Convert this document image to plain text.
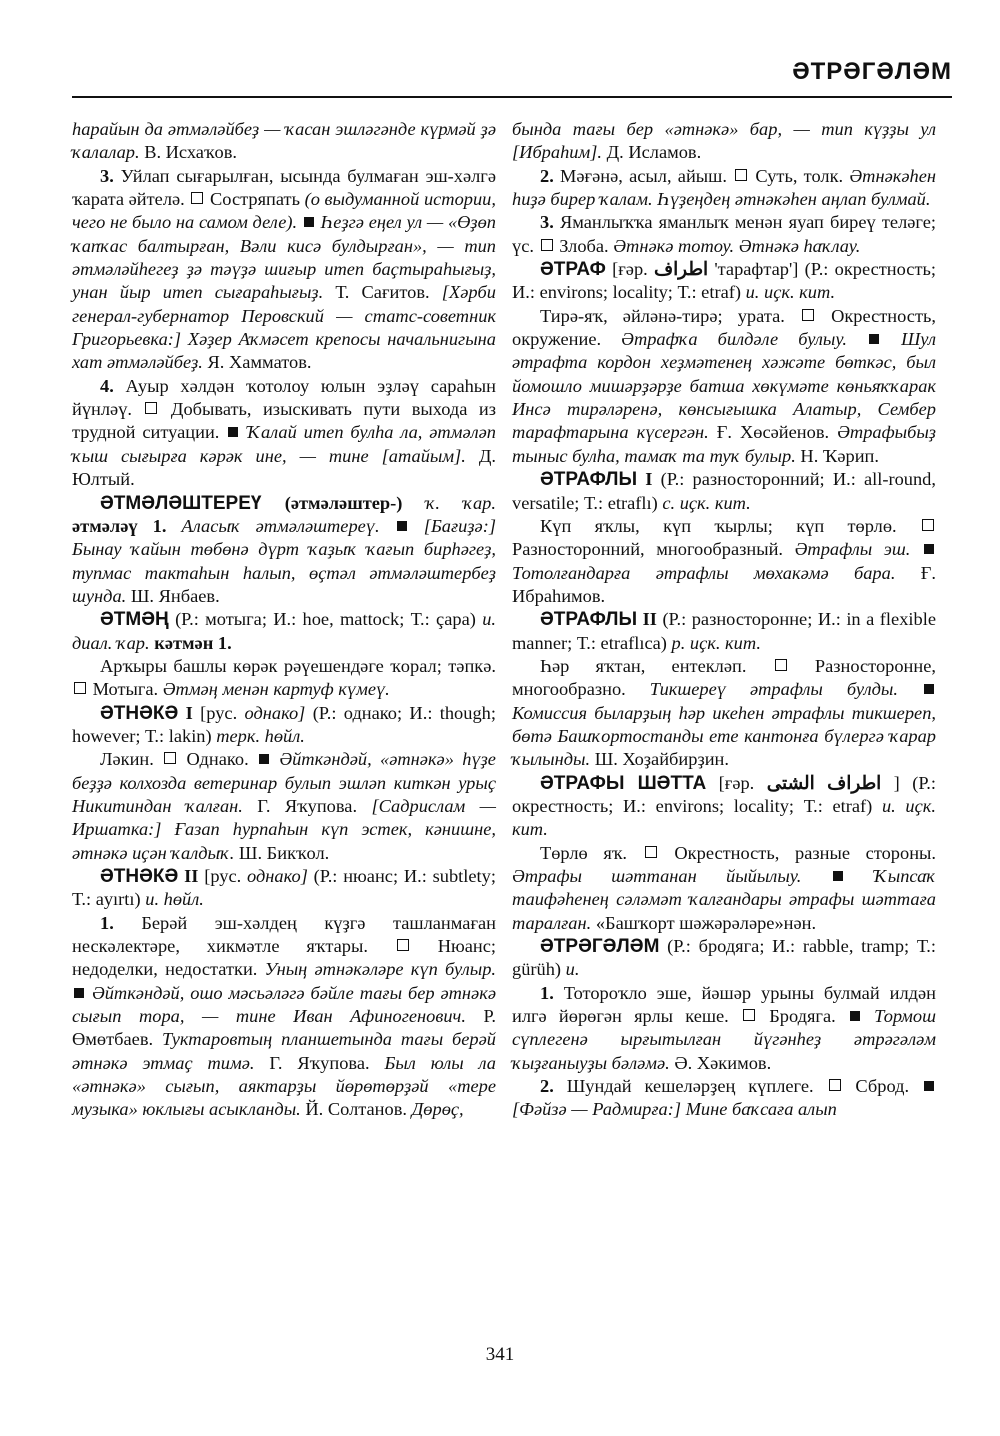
ӘТРӘГӘЛӘМ

һарайын да әтмәләйбеҙ — ҡасан эшләгәнде күрмәй ҙә ҡалалар. В. Исхаҡов.

3. Уйлап сығарылған, ысында булмаған эш-хәлгә ҡарата әйтелә. Состряпать (о выдуманной истории, чего не было на самом деле). Һеҙгә еңел ул — «Өҙөп ҡапҡас балтырған, Вәли кисә булдырған», — тип әтмәләйһегеҙ ҙә тәүҙә шиғыр итеп баҫтыраһығыҙ, унан йыр итеп сығараһығыҙ. Т. Сағитов. [Хәрби генерал-губернатор Перовский — статс-советник Григорьевка:] Хәҙер Аҡмәсет крепосы начальнигына хат әтмәләйбеҙ. Я. Хамматов.

4. Ауыр хәлдән ҡотолоу юлын эҙләү сараһын йүнләү. Добывать, изыскивать пути выхода из трудной ситуации. Ҡалай итеп булһа ла, әтмәләп ҡыш сығырға кәрәк ине, — тине [атайым]. Д. Юлтый.

ӘТМӘЛӘШТЕРЕҮ (әтмәләштер-) ҡ. ҡар. әтмәләү 1. Аласыҡ әтмәләштереү. [Бағиҙә:] Бынау ҡайын төбөнә дүрт ҡаҙыҡ ҡағып бирһәгеҙ, тупмас тактаһын һалып, өҫтәл әтмәләштербеҙ шунда. Ш. Янбаев.

ӘТМӘҢ (Р.: мотыга; И.: hoe, mattock; Т.: çapa) и. диал. ҡар. кәтмән 1.

Арҡыры башлы көрәк рәүешендәге ҡорал; тәпкә.  Мотыга. Әтмәң менән картуф күмеү.

ӘТНӘКӘ I [рус. однако] (Р.: однако; И.: though; however; Т.: lakin) терк. һөйл.

Ләкин. Однако. Әйткәндәй, «әтнәкә» һүҙе беҙҙә колхозда ветеринар булып эшләп киткән урыҫ Никитиндан ҡалған. Г. Яҡупова. [Садрислам — Иршатка:] Ғазап һурпаһын күп эстек, кәнишне, әтнәкә иҫән ҡалдыҡ. Ш. Бикҡол.

ӘТНӘКӘ II [рус. однако] (Р.: нюанс; И.: subtlety; Т.: ayırtı) и. һөйл.

1. Берәй эш-хәлдең күҙгә ташланмаған нескәлектәре, хикмәтле яҡтары.	Нюанс; недоделки, недостатки. Уның әтнәкәләре күп булыр.  Әйткәндәй, ошо мәсьәләгә бәйле тағы бер әтнәкә сығып тора, — тине Иван Афиногенович. Р. Өмөтбаев. Туктаровтың планшетында тағы берәй әтнәкә этмаҫ тимә. Г. Яҡупова. Был юлы ла «әтнәкә» сығып, аяктарҙы йөрөтөрҙәй «тере музыка» юклығы асыкланды. Й. Солтанов. Дөрөҫ,

бында тағы бер «әтнәкә» бар, — тип күҙҙы ул [Ибраһим]. Д. Исламов.

2. Мәғәнә, асыл, айыш. Суть, толк. Әтнәкәһен һиҙә бирер ҡалам. Һүҙеңдең әтнәкәһен аңлап булмай.

3. Яманлыҡҡа яманлыҡ менән яуап биреү теләге; үс. Злоба. Әтнәкә тотоу. Әтнәкә һаҡлау.

ӘТРАФ [ғәр. اطراف 'тарафтар'] (Р.: окрестность; И.: environs; locality; Т.: etraf) и. иҫк. кит.

Тирә-яҡ, әйләнә-тирә; урата.	Окрестность, окружение. Әтрафҡа билдәле булыу.	Шул әтрафта кордон хеҙмәтенең хәжәте бөткәс, был йомошло мишәрҙәрҙе батша хөкүмәте көньяҡҡарак Инсә тирәләренә, көнсығышка Алатыр, Сембер тарафтарына күсергән. Ғ. Хөсәйенов. Әтрафыбыҙ тыныс булһа, тамаҡ та туҡ булыр. Н. Ҡәрип.

ӘТРАФЛЫ I (Р.: разносторонний; И.: all-round, versatile; Т.: etraflı) с. иҫк. кит.

Күп яҡлы, күп ҡырлы; күп төрлө.  Разносторонний, многообразный. Әтрафлы эш.  Тотолғандарға әтрафлы мөхакәмә бара. Ғ. Ибраһимов.

ӘТРАФЛЫ II (Р.: разносторонне; И.: in a flexible manner; Т.: etraflıca) р. иҫк. кит.

Һәр яҡтан, ентекләп.	Разносторонне, многообразно. Тикшереү әтрафлы булды.  Комиссия быларҙың һәр икеһен әтрафлы тикшереп, бөтә Башҡортостанды ете кантонға бүлергә ҡарар ҡылынды. Ш. Хоҙайбирҙин.

ӘТРАФЫ ШӘТТА [ғәр. اطراف الشتى ] (Р.: окрестность; И.: environs; locality; Т.: etraf) и. иҫк. кит.

Төрлө яҡ.	Окрестность, разные стороны. Әтрафы шәттанан йыйылыу.	Ҡыпсаҡ таифәһенең сәләмәт ҡалғандары әтрафы шәттаға таралған. «Башҡорт шәжәрәләре»нән.

ӘТРӘГӘЛӘМ (Р.: бродяга; И.: rabble, tramp; Т.: gürüh) и.

1. Тотороҡло эше, йәшәр урыны булмай илдән илгә йөрөгән ярлы кеше. Бродяга. Тормош сүплегенә ырғытылған йүгәнһеҙ әтрәгәләм ҡыҙғаныуҙы бәләмә. Ә. Хәкимов.

2. Шундай кешеләрҙең күплеге. Сброд.  [Фәйзә — Радмирға:] Мине баҡсаға алып

341
